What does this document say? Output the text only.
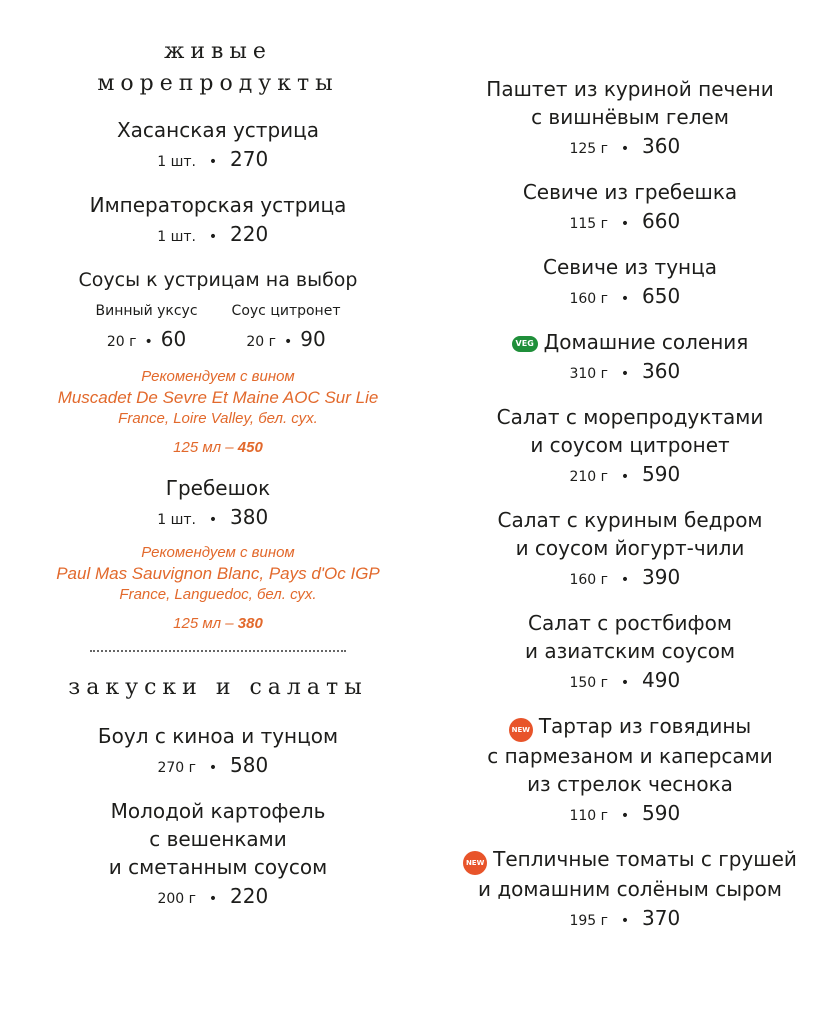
живые
морепродукты
Хасанская устрица
1 шт. • 270
Императорская устрица
1 шт. • 220
Соусы к устрицам на выбор
Винный уксус
20 г • 60
Соус цитронет
20 г • 90
Рекомендуем с вином
Muscadet De Sevre Et Maine AOC Sur Lie
France, Loire Valley, бел. сух.
125 мл – 450
Гребешок
1 шт. • 380
Рекомендуем с вином
Paul Mas Sauvignon Blanc, Pays d'Oc IGP
France, Languedoc, бел. сух.
125 мл – 380
закуски и салаты
Боул с киноа и тунцом
270 г • 580
Молодой картофель
с вешенками
и сметанным соусом
200 г • 220
Паштет из куриной печени
с вишнёвым гелем
125 г • 360
Севиче из гребешка
115 г • 660
Севиче из тунца
160 г • 650
VEG Домашние соления
310 г • 360
Салат с морепродуктами
и соусом цитронет
210 г • 590
Салат с куриным бедром
и соусом йогурт-чили
160 г • 390
Салат с ростбифом
и азиатским соусом
150 г • 490
NEW Тартар из говядины
с пармезаном и каперсами
из стрелок чеснока
110 г • 590
NEW Тепличные томаты с грушей
и домашним солёным сыром
195 г • 370
